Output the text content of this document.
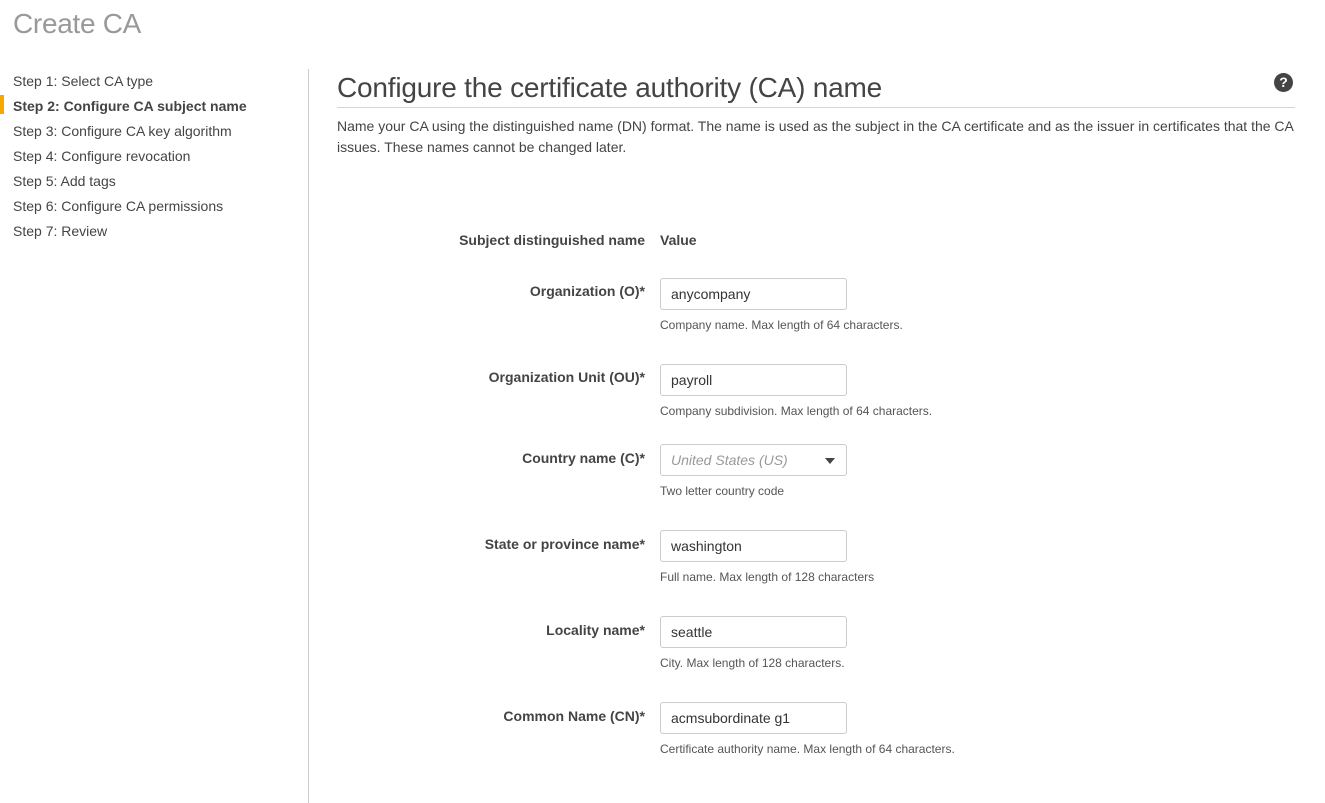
Create CA
Step 1: Select CA type
Step 2: Configure CA subject name
Step 3: Configure CA key algorithm
Step 4: Configure revocation
Step 5: Add tags
Step 6: Configure CA permissions
Step 7: Review
Configure the certificate authority (CA) name	?

Name your CA using the distinguished name (DN) format. The name is used as the subject in the CA certificate and as the issuer in certificates that the CA issues. These names cannot be changed later.

Subject distinguished name Value
Organization (O)*
anycompany
Company name. Max length of 64 characters.
Organization Unit (OU)*
payroll
Company subdivision. Max length of 64 characters.
Country name (C)*	United States (US)
Two letter country code
State or province name*
washington
Full name. Max length of 128 characters
Locality name*
seattle
City. Max length of 128 characters.
Common Name (CN)*
acmsubordinate g1
Certificate authority name. Max length of 64 characters.
